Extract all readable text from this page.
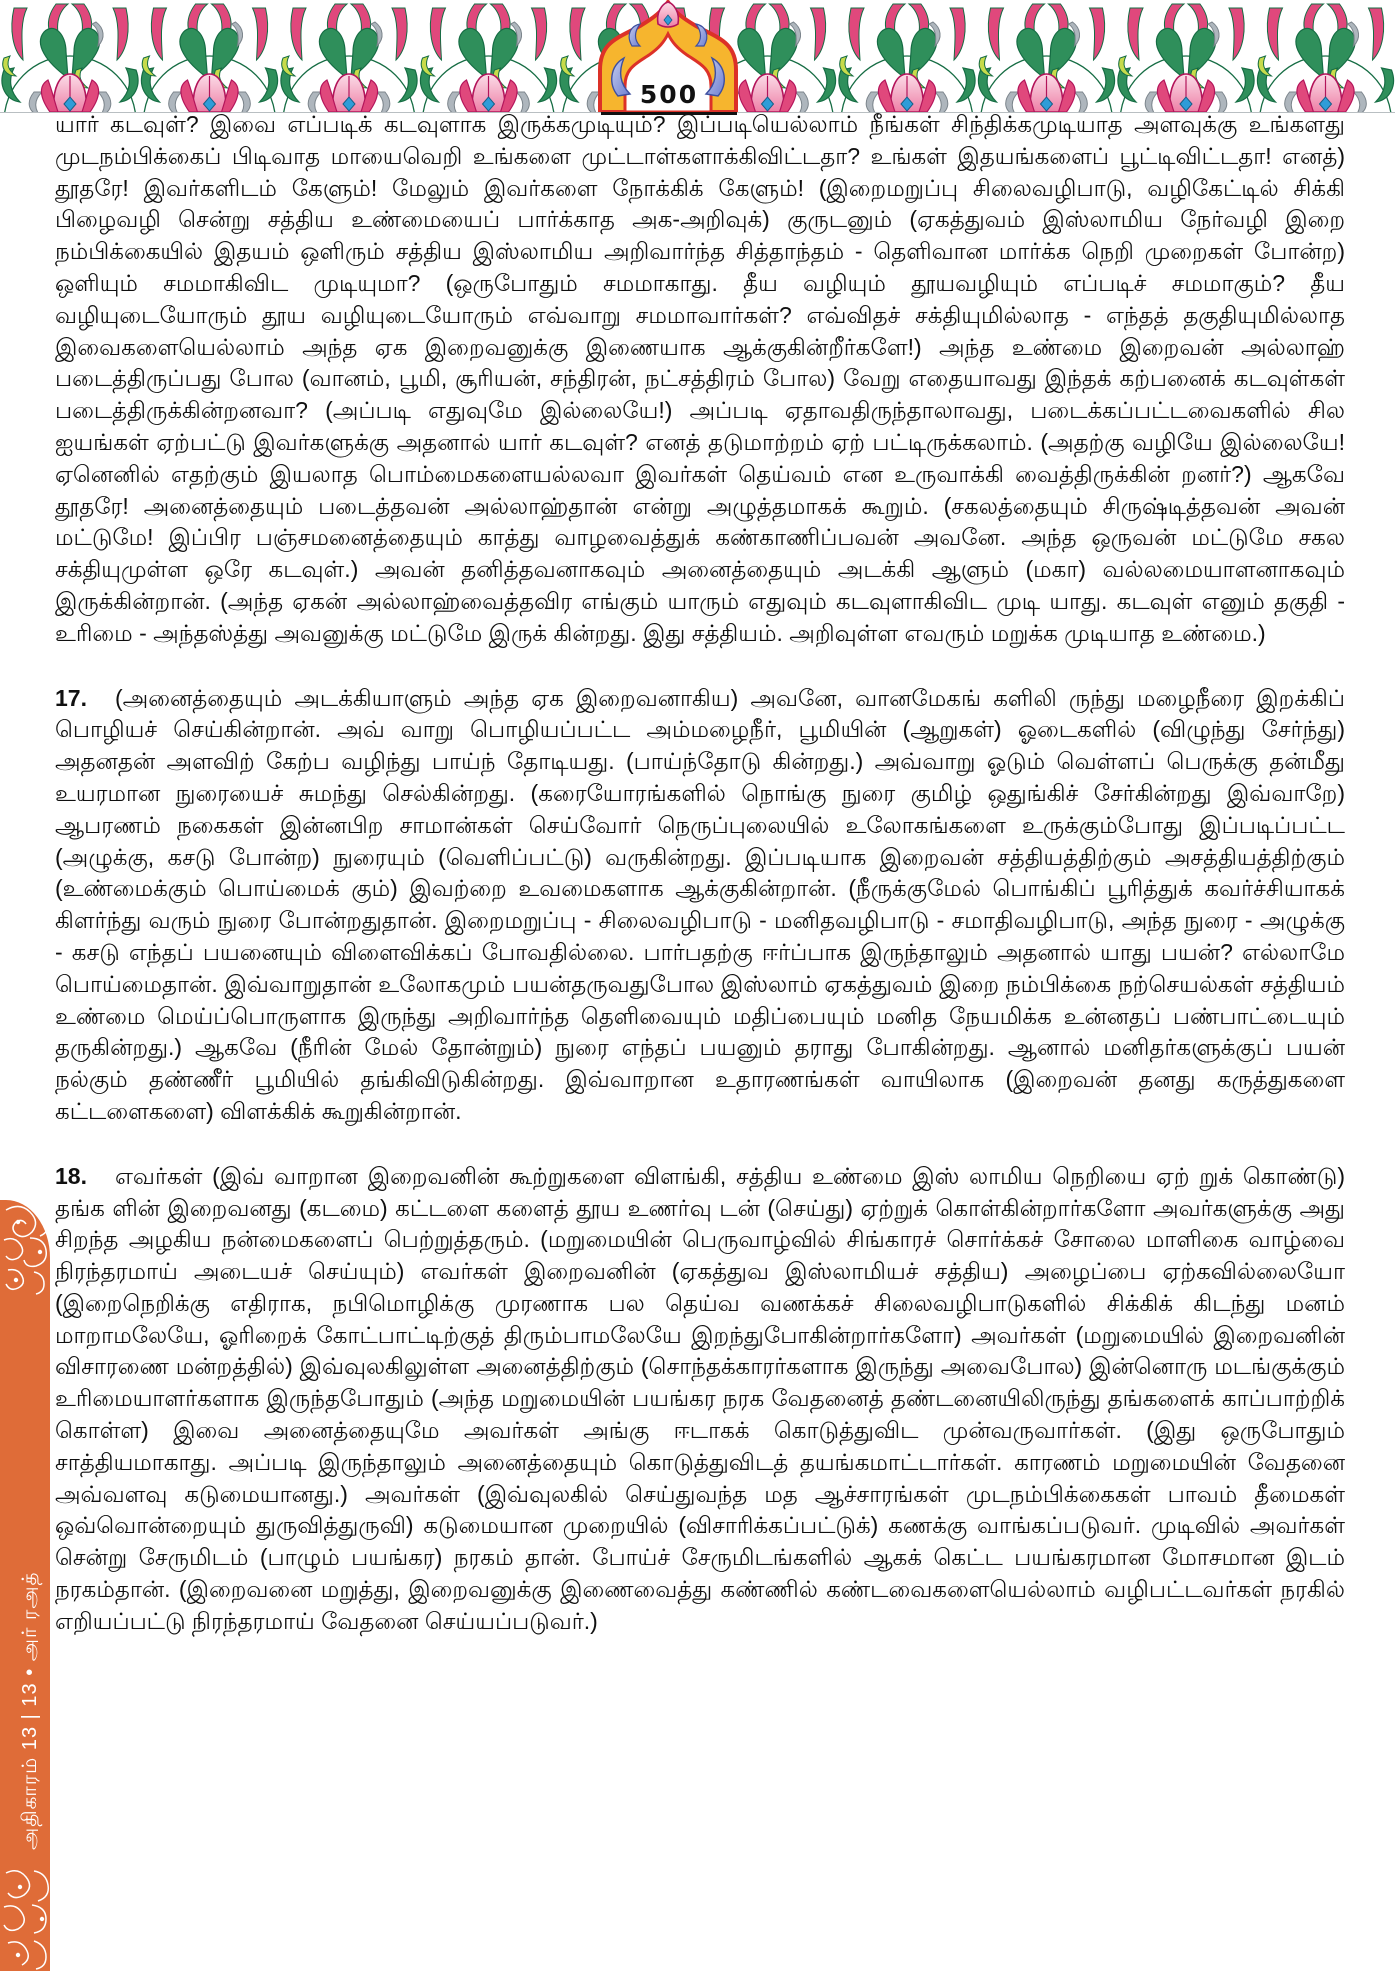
500

யார் கடவுள்? இவை எப்படிக் கடவுளாக இருக்கமுடியும்? இப்படியெல்லாம் நீங்கள் சிந்திக்கமுடியாத அளவுக்கு உங்களது முடநம்பிக்கைப் பிடிவாத மாயைவெறி உங்களை முட்டாள்களாக்கிவிட்டதா? உங்கள் இதயங்களைப் பூட்டிவிட்டதா! எனத்) தூதரே! இவர்களிடம் கேளும்! மேலும் இவர்களை நோக்கிக் கேளும்! (இறைமறுப்பு சிலைவழிபாடு, வழிகேட்டில் சிக்கி பிழைவழி சென்று சத்திய உண்மையைப் பார்க்காத அக-அறிவுக்) குருடனும் (ஏகத்துவம் இஸ்லாமிய நேர்வழி இறை நம்பிக்கையில் இதயம் ஒளிரும் சத்திய இஸ்லாமிய அறிவார்ந்த சித்தாந்தம் - தெளிவான மார்க்க நெறி முறைகள் போன்ற) ஒளியும் சமமாகிவிட முடியுமா? (ஒருபோதும் சமமாகாது. தீய வழியும் தூயவழியும் எப்படிச் சமமாகும்? தீய வழியுடையோரும் தூய வழியுடையோரும் எவ்வாறு சமமாவார்கள்? எவ்விதச் சக்தியுமில்லாத - எந்தத் தகுதியுமில்லாத இவைகளையெல்லாம் அந்த ஏக இறைவனுக்கு இணையாக ஆக்குகின்றீர்களே!) அந்த உண்மை இறைவன் அல்லாஹ் படைத்திருப்பது போல (வானம், பூமி, சூரியன், சந்திரன், நட்சத்திரம் போல) வேறு எதையாவது இந்தக் கற்பனைக் கடவுள்கள் படைத்திருக்கின்றனவா? (அப்படி எதுவுமே இல்லையே!) அப்படி ஏதாவதிருந்தாலாவது, படைக்கப்பட்டவைகளில் சில ஐயங்கள் ஏற்பட்டு இவர்களுக்கு அதனால் யார் கடவுள்? எனத் தடுமாற்றம் ஏற் பட்டிருக்கலாம். (அதற்கு வழியே இல்லையே! ஏனெனில் எதற்கும் இயலாத பொம்மைகளையல்லவா இவர்கள் தெய்வம் என உருவாக்கி வைத்திருக்கின் றனர்?) ஆகவே தூதரே! அனைத்தையும் படைத்தவன் அல்லாஹ்தான் என்று அழுத்தமாகக் கூறும். (சகலத்தையும் சிருஷ்டித்தவன் அவன் மட்டுமே! இப்பிர பஞ்சமனைத்தையும் காத்து வாழவைத்துக் கண்காணிப்பவன் அவனே. அந்த ஒருவன் மட்டுமே சகல சக்தியுமுள்ள ஒரே கடவுள்.) அவன் தனித்தவனாகவும் அனைத்தையும் அடக்கி ஆளும் (மகா) வல்லமையாளனாகவும் இருக்கின்றான். (அந்த ஏகன் அல்லாஹ்வைத்தவிர எங்கும் யாரும் எதுவும் கடவுளாகிவிட முடி யாது. கடவுள் எனும் தகுதி - உரிமை - அந்தஸ்த்து அவனுக்கு மட்டுமே இருக் கின்றது. இது சத்தியம். அறிவுள்ள எவரும் மறுக்க முடியாத உண்மை.)

17. (அனைத்தையும் அடக்கியாளும் அந்த ஏக இறைவனாகிய) அவனே, வானமேகங் களிலி ருந்து மழைநீரை இறக்கிப் பொழியச் செய்கின்றான். அவ் வாறு பொழியப்பட்ட அம்மழைநீர், பூமியின் (ஆறுகள்) ஓடைகளில் (விழுந்து சேர்ந்து) அதனதன் அளவிற் கேற்ப வழிந்து பாய்ந் தோடியது. (பாய்ந்தோடு கின்றது.) அவ்வாறு ஓடும் வெள்ளப் பெருக்கு தன்மீது உயரமான நுரையைச் சுமந்து செல்கின்றது. (கரையோரங்களில் நொங்கு நுரை குமிழ் ஒதுங்கிச் சேர்கின்றது இவ்வாறே) ஆபரணம் நகைகள் இன்னபிற சாமான்கள் செய்வோர் நெருப்புலையில் உலோகங்களை உருக்கும்போது இப்படிப்பட்ட (அழுக்கு, கசடு போன்ற) நுரையும் (வெளிப்பட்டு) வருகின்றது. இப்படியாக இறைவன் சத்தியத்திற்கும் அசத்தியத்திற்கும் (உண்மைக்கும் பொய்மைக் கும்) இவற்றை உவமைகளாக ஆக்குகின்றான். (நீருக்குமேல் பொங்கிப் பூரித்துக் கவர்ச்சியாகக் கிளர்ந்து வரும் நுரை போன்றதுதான். இறைமறுப்பு - சிலைவழிபாடு - மனிதவழிபாடு - சமாதிவழிபாடு, அந்த நுரை - அழுக்கு - கசடு எந்தப் பயனையும் விளைவிக்கப் போவதில்லை. பார்பதற்கு ஈர்ப்பாக இருந்தாலும் அதனால் யாது பயன்? எல்லாமே பொய்மைதான். இவ்வாறுதான் உலோகமும் பயன்தருவதுபோல இஸ்லாம் ஏகத்துவம் இறை நம்பிக்கை நற்செயல்கள் சத்தியம் உண்மை மெய்ப்பொருளாக இருந்து அறிவார்ந்த தெளிவையும் மதிப்பையும் மனித நேயமிக்க உன்னதப் பண்பாட்டையும் தருகின்றது.) ஆகவே (நீரின் மேல் தோன்றும்) நுரை எந்தப் பயனும் தராது போகின்றது. ஆனால் மனிதர்களுக்குப் பயன் நல்கும் தண்ணீர் பூமியில் தங்கிவிடுகின்றது. இவ்வாறான உதாரணங்கள் வாயிலாக (இறைவன் தனது கருத்துகளை கட்டளைகளை) விளக்கிக் கூறுகின்றான்.

18. எவர்கள் (இவ் வாறான இறைவனின் கூற்றுகளை விளங்கி, சத்திய உண்மை இஸ் லாமிய நெறியை ஏற் றுக் கொண்டு) தங்க ளின் இறைவனது (கடமை) கட்டளை களைத் தூய உணர்வு டன் (செய்து) ஏற்றுக் கொள்கின்றார்களோ அவர்களுக்கு அது சிறந்த அழகிய நன்மைகளைப் பெற்றுத்தரும். (மறுமையின் பெருவாழ்வில் சிங்காரச் சொர்க்கச் சோலை மாளிகை வாழ்வை நிரந்தரமாய் அடையச் செய்யும்) எவர்கள் இறைவனின் (ஏகத்துவ இஸ்லாமியச் சத்திய) அழைப்பை ஏற்கவில்லையோ (இறைநெறிக்கு எதிராக, நபிமொழிக்கு முரணாக பல தெய்வ வணக்கச் சிலைவழிபாடுகளில் சிக்கிக் கிடந்து மனம் மாறாமலேயே, ஓரிறைக் கோட்பாட்டிற்குத் திரும்பாமலேயே இறந்துபோகின்றார்களோ) அவர்கள் (மறுமையில் இறைவனின் விசாரணை மன்றத்தில்) இவ்வுலகிலுள்ள அனைத்திற்கும் (சொந்தக்காரர்களாக இருந்து அவைபோல) இன்னொரு மடங்குக்கும் உரிமையாளர்களாக இருந்தபோதும் (அந்த மறுமையின் பயங்கர நரக வேதனைத் தண்டனையிலிருந்து தங்களைக் காப்பாற்றிக் கொள்ள) இவை அனைத்தையுமே அவர்கள் அங்கு ஈடாகக் கொடுத்துவிட முன்வருவார்கள். (இது ஒருபோதும் சாத்தியமாகாது. அப்படி இருந்தாலும் அனைத்தையும் கொடுத்துவிடத் தயங்கமாட்டார்கள். காரணம் மறுமையின் வேதனை அவ்வளவு கடுமையானது.) அவர்கள் (இவ்வுலகில் செய்துவந்த மத ஆச்சாரங்கள் முடநம்பிக்கைகள் பாவம் தீமைகள் ஒவ்வொன்றையும் துருவித்துருவி) கடுமையான முறையில் (விசாரிக்கப்பட்டுக்) கணக்கு வாங்கப்படுவர். முடிவில் அவர்கள் சென்று சேருமிடம் (பாழும் பயங்கர) நரகம் தான். போய்ச் சேருமிடங்களில் ஆகக் கெட்ட பயங்கரமான மோசமான இடம் நரகம்தான். (இறைவனை மறுத்து, இறைவனுக்கு இணைவைத்து கண்ணில் கண்டவைகளையெல்லாம் வழிபட்டவர்கள் நரகில் எறியப்பட்டு நிரந்தரமாய் வேதனை செய்யப்படுவர்.)

அதிகாரம் 13 | 13 • அர் ரஅத்
